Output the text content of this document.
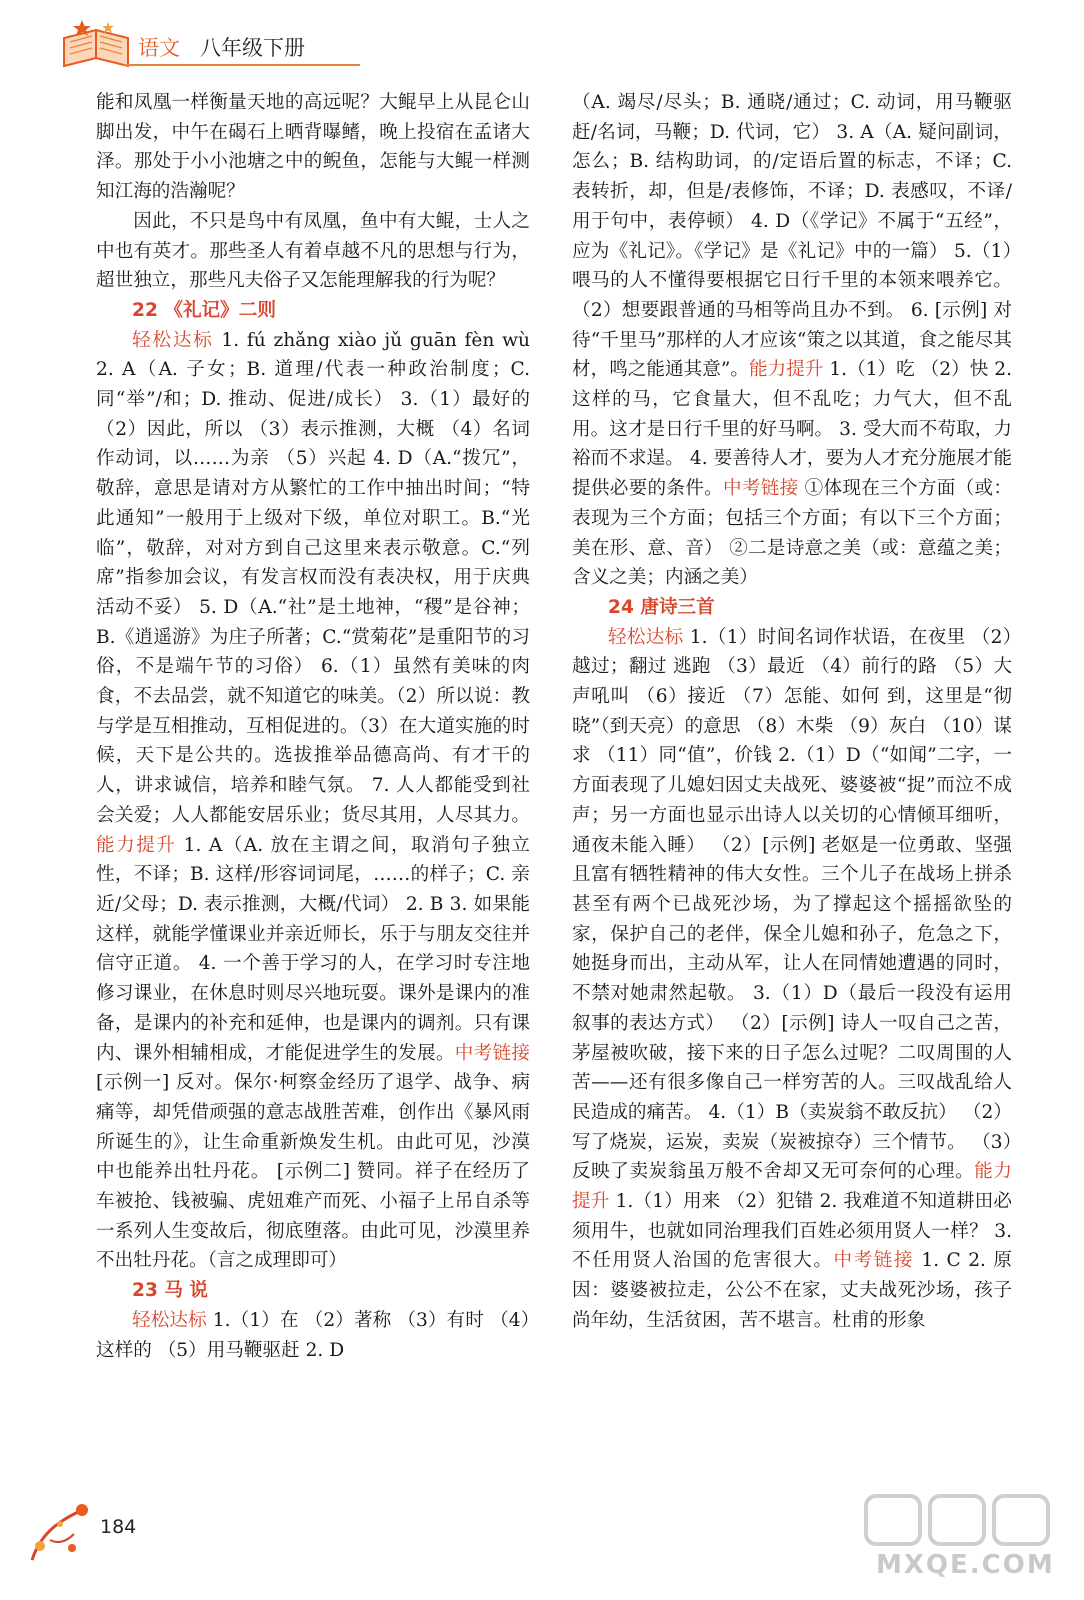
语文 八年级下册

能和凤凰一样衡量天地的高远呢？大鲲早上从昆仑山脚出发，中午在碣石上晒背曝鳍，晚上投宿在孟诸大泽。那处于小小池塘之中的鲵鱼，怎能与大鲲一样测知江海的浩瀚呢？

因此，不只是鸟中有凤凰，鱼中有大鲲，士人之中也有英才。那些圣人有着卓越不凡的思想与行为，超世独立，那些凡夫俗子又怎能理解我的行为呢？

22 《礼记》二则

轻松达标 1. fú zhǎng xiào jǔ guān fèn wù 2. A（A. 子女；B. 道理/代表一种政治制度；C. 同“举”/和；D. 推动、促进/成长） 3.（1）最好的 （2）因此，所以 （3）表示推测，大概 （4）名词作动词，以……为亲 （5）兴起 4. D（A.“拨冗”，敬辞，意思是请对方从繁忙的工作中抽出时间；“特此通知”一般用于上级对下级，单位对职工。B.“光临”，敬辞，对对方到自己这里来表示敬意。C.“列席”指参加会议，有发言权而没有表决权，用于庆典活动不妥） 5. D（A.“社”是土地神，“稷”是谷神；B.《逍遥游》为庄子所著；C.“赏菊花”是重阳节的习俗，不是端午节的习俗） 6.（1）虽然有美味的肉食，不去品尝，就不知道它的味美。（2）所以说：教与学是互相推动，互相促进的。（3）在大道实施的时候，天下是公共的。选拔推举品德高尚、有才干的人，讲求诚信，培养和睦气氛。 7. 人人都能受到社会关爱；人人都能安居乐业；货尽其用，人尽其力。能力提升 1. A（A. 放在主谓之间，取消句子独立性，不译；B. 这样/形容词词尾，……的样子；C. 亲近/父母；D. 表示推测，大概/代词） 2. B 3. 如果能这样，就能学懂课业并亲近师长，乐于与朋友交往并信守正道。 4. 一个善于学习的人，在学习时专注地修习课业，在休息时则尽兴地玩耍。课外是课内的准备，是课内的补充和延伸，也是课内的调剂。只有课内、课外相辅相成，才能促进学生的发展。中考链接 [示例一] 反对。保尔·柯察金经历了退学、战争、病痛等，却凭借顽强的意志战胜苦难，创作出《暴风雨所诞生的》，让生命重新焕发生机。由此可见，沙漠中也能养出牡丹花。 [示例二] 赞同。祥子在经历了车被抢、钱被骗、虎妞难产而死、小福子上吊自杀等一系列人生变故后，彻底堕落。由此可见，沙漠里养不出牡丹花。（言之成理即可）

23 马 说

轻松达标 1.（1）在 （2）著称 （3）有时 （4）这样的 （5）用马鞭驱赶 2. D

（A. 竭尽/尽头；B. 通晓/通过；C. 动词，用马鞭驱赶/名词，马鞭；D. 代词，它） 3. A（A. 疑问副词，怎么；B. 结构助词，的/定语后置的标志，不译；C. 表转折，却，但是/表修饰，不译；D. 表感叹，不译/用于句中，表停顿） 4. D（《学记》不属于“五经”，应为《礼记》。《学记》是《礼记》中的一篇） 5.（1）喂马的人不懂得要根据它日行千里的本领来喂养它。（2）想要跟普通的马相等尚且办不到。 6. [示例] 对待“千里马”那样的人才应该“策之以其道，食之能尽其材，鸣之能通其意”。能力提升 1.（1）吃 （2）快 2. 这样的马，它食量大，但不乱吃；力气大，但不乱用。这才是日行千里的好马啊。 3. 受大而不苟取，力裕而不求逞。 4. 要善待人才，要为人才充分施展才能提供必要的条件。中考链接 ①体现在三个方面（或：表现为三个方面；包括三个方面；有以下三个方面；美在形、意、音） ②二是诗意之美（或：意蕴之美；含义之美；内涵之美）

24 唐诗三首

轻松达标 1.（1）时间名词作状语，在夜里 （2）越过；翻过 逃跑 （3）最近 （4）前行的路 （5）大声吼叫 （6）接近 （7）怎能、如何 到，这里是“彻晓”（到天亮）的意思 （8）木柴 （9）灰白 （10）谋求 （11）同“值”，价钱 2.（1）D（“如闻”二字，一方面表现了儿媳妇因丈夫战死、婆婆被“捉”而泣不成声；另一方面也显示出诗人以关切的心情倾耳细听，通夜未能入睡） （2）[示例] 老妪是一位勇敢、坚强且富有牺牲精神的伟大女性。三个儿子在战场上拼杀甚至有两个已战死沙场，为了撑起这个摇摇欲坠的家，保护自己的老伴，保全儿媳和孙子，危急之下，她挺身而出，主动从军，让人在同情她遭遇的同时，不禁对她肃然起敬。 3.（1）D（最后一段没有运用叙事的表达方式） （2）[示例] 诗人一叹自己之苦，茅屋被吹破，接下来的日子怎么过呢？二叹周围的人苦——还有很多像自己一样穷苦的人。三叹战乱给人民造成的痛苦。 4.（1）B（卖炭翁不敢反抗） （2）写了烧炭，运炭，卖炭（炭被掠夺）三个情节。 （3）反映了卖炭翁虽万般不舍却又无可奈何的心理。能力提升 1.（1）用来 （2）犯错 2. 我难道不知道耕田必须用牛，也就如同治理我们百姓必须用贤人一样？ 3. 不任用贤人治国的危害很大。中考链接 1. C 2. 原因：婆婆被拉走，公公不在家，丈夫战死沙场，孩子尚年幼，生活贫困，苦不堪言。杜甫的形象

184
MXQE.COM
